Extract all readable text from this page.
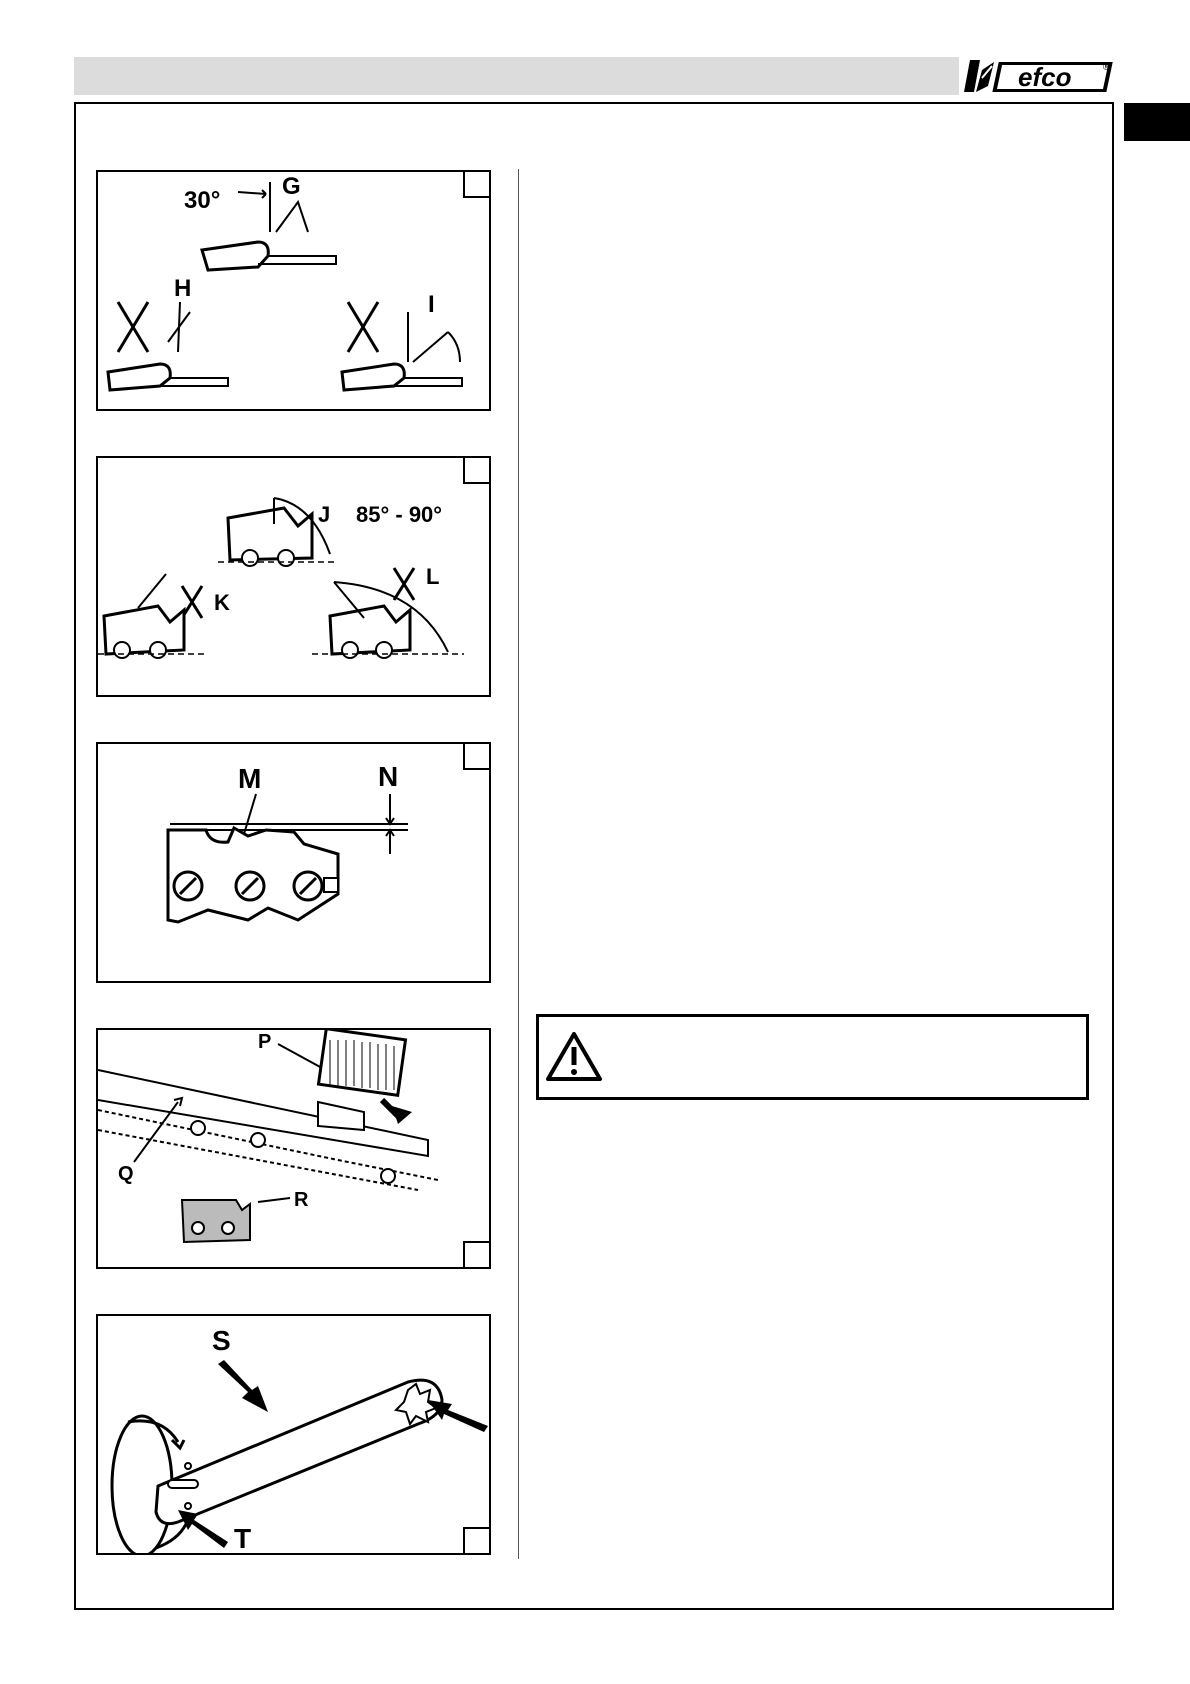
efco	®
30°
G
H
I
J 85° - 90°
K
L
M	N
P
Q
R
S
T
